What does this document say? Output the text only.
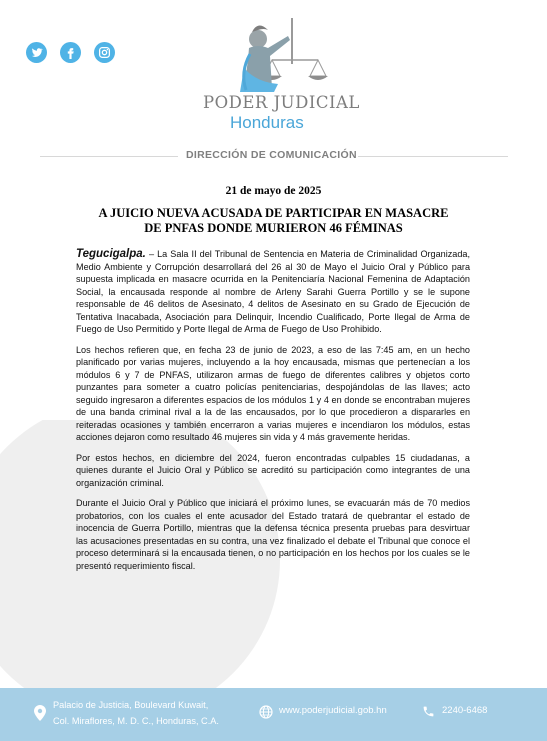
PODER JUDICIAL
Honduras
DIRECCIÓN DE COMUNICACIÓN
21 de mayo de 2025
A JUICIO NUEVA ACUSADA DE PARTICIPAR EN MASACRE
DE PNFAS DONDE MURIERON 46 FÉMINAS

Tegucigalpa. – La Sala II del Tribunal de Sentencia en Materia de Criminalidad Organizada, Medio Ambiente y Corrupción desarrollará del 26 al 30 de Mayo el Juicio Oral y Público para supuesta implicada en masacre ocurrida en la Penitenciaría Nacional Femenina de Adaptación Social, la encausada responde al nombre de Arleny Sarahi Guerra Portillo y se le supone responsable de 46 delitos de Asesinato, 4 delitos de Asesinato en su Grado de Ejecución de Tentativa Inacabada, Asociación para Delinquir, Incendio Cualificado, Porte Ilegal de Arma de Fuego de Uso Permitido y Porte Ilegal de Arma de Fuego de Uso Prohibido.

Los hechos refieren que, en fecha 23 de junio de 2023, a eso de las 7:45 am, en un hecho planificado por varias mujeres, incluyendo a la hoy encausada, mismas que pertenecían a los módulos 6 y 7 de PNFAS, utilizaron armas de fuego de diferentes calibres y objetos corto punzantes para someter a cuatro policías penitenciarias, despojándolas de las llaves; acto seguido ingresaron a diferentes espacios de los módulos 1 y 4 en donde se encontraban mujeres de una banda criminal rival a la de las encausados, por lo que procedieron a dispararles en reiteradas ocasiones y también encerraron a varias mujeres e incendiaron los módulos, estas acciones dejaron como resultado 46 mujeres sin vida y 4 más gravemente heridas.

Por estos hechos, en diciembre del 2024, fueron encontradas culpables 15 ciudadanas, a quienes durante el Juicio Oral y Público se acreditó su participación como integrantes de una organización criminal.

Durante el Juicio Oral y Público que iniciará el próximo lunes, se evacuarán más de 70 medios probatorios, con los cuales el ente acusador del Estado tratará de quebrantar el estado de inocencia de Guerra Portillo, mientras que la defensa técnica presenta pruebas para desvirtuar las acusaciones presentadas en su contra, una vez finalizado el debate el Tribunal que conoce el proceso determinará si la encausada tienen, o no participación en los hechos por los cuales se le presentó requerimiento fiscal.

Palacio de Justicia, Boulevard Kuwait,
Col. Miraflores, M. D. C., Honduras, C.A.
www.poderjudicial.gob.hn	2240-6468
